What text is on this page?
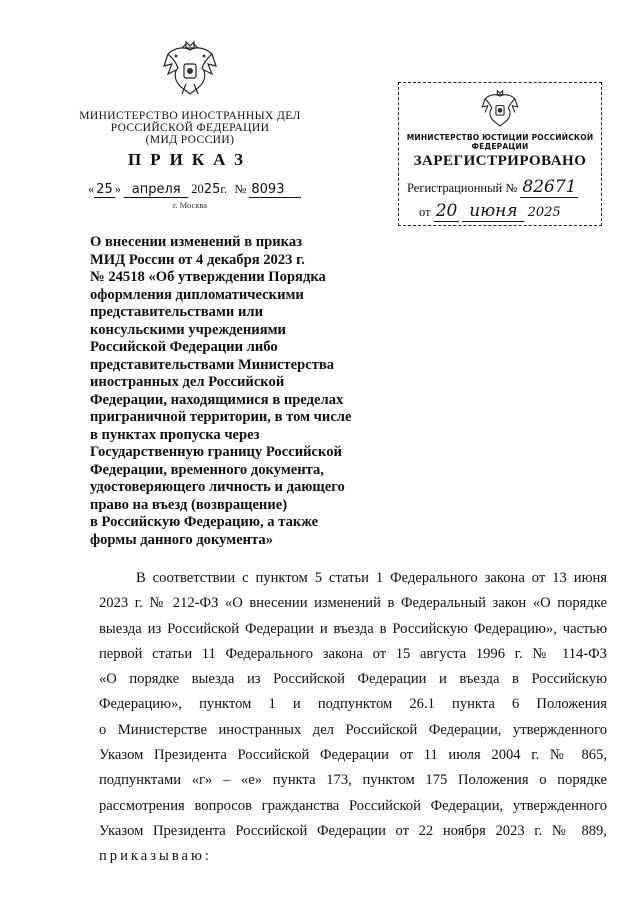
МИНИСТЕРСТВО ИНОСТРАННЫХ ДЕЛ
РОССИЙСКОЙ ФЕДЕРАЦИИ
(МИД РОССИИ)
ПРИКАЗ
« 25 » апреля 2025г. № 8093
г. Москва
МИНИСТЕРСТВО ЮСТИЦИИ РОССИЙСКОЙ ФЕДЕРАЦИИ
ЗАРЕГИСТРИРОВАНО
Регистрационный № 82671
от 20 июня 2025
О внесении изменений в приказ
МИД России от 4 декабря 2023 г.
№ 24518 «Об утверждении Порядка
оформления дипломатическими
представительствами или
консульскими учреждениями
Российской Федерации либо
представительствами Министерства
иностранных дел Российской
Федерации, находящимися в пределах
приграничной территории, в том числе
в пунктах пропуска через
Государственную границу Российской
Федерации, временного документа,
удостоверяющего личность и дающего
право на въезд (возвращение)
в Российскую Федерацию, а также
формы данного документа»
В соответствии с пунктом 5 статьи 1 Федерального закона от 13 июня
2023 г. № 212-ФЗ «О внесении изменений в Федеральный закон «О порядке
выезда из Российской Федерации и въезда в Российскую Федерацию», частью
первой статьи 11 Федерального закона от 15 августа 1996 г. № 114-ФЗ
«О порядке выезда из Российской Федерации и въезда в Российскую
Федерацию», пунктом 1 и подпунктом 26.1 пункта 6 Положения
о Министерстве иностранных дел Российской Федерации, утвержденного
Указом Президента Российской Федерации от 11 июля 2004 г. № 865,
подпунктами «г» – «е» пункта 173, пунктом 175 Положения о порядке
рассмотрения вопросов гражданства Российской Федерации, утвержденного
Указом Президента Российской Федерации от 22 ноября 2023 г. № 889,
приказываю:
